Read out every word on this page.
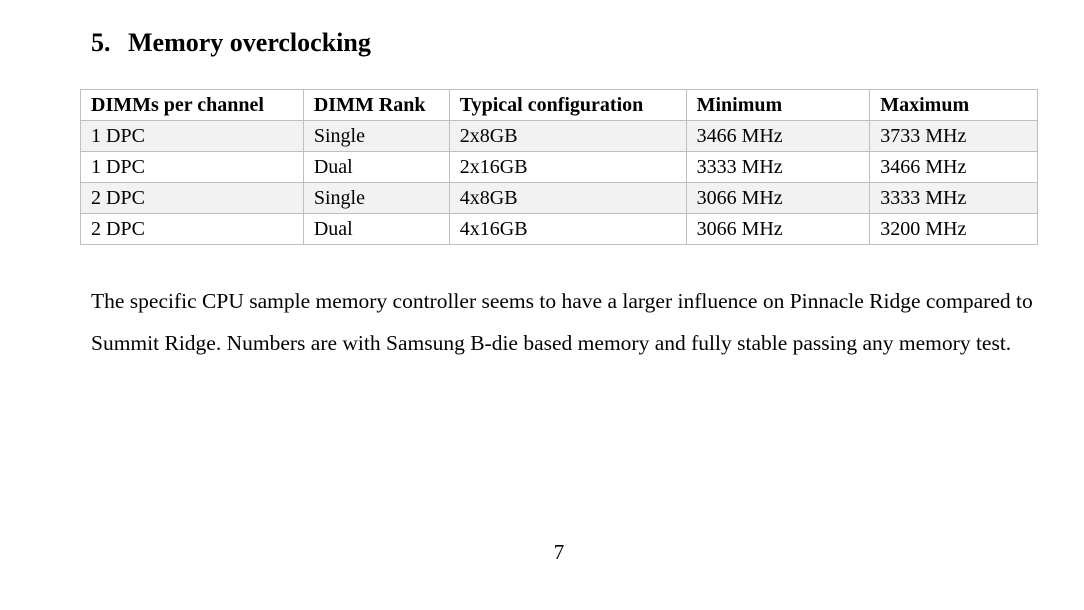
5. Memory overclocking
DIMMs per channel	DIMM Rank	Typical configuration	Minimum	Maximum
1 DPC	Single	2x8GB	3466 MHz	3733 MHz
1 DPC	Dual	2x16GB	3333 MHz	3466 MHz
2 DPC	Single	4x8GB	3066 MHz	3333 MHz
2 DPC	Dual	4x16GB	3066 MHz	3200 MHz

The specific CPU sample memory controller seems to have a larger influence on Pinnacle Ridge compared to Summit Ridge. Numbers are with Samsung B-die based memory and fully stable passing any memory test.

7
